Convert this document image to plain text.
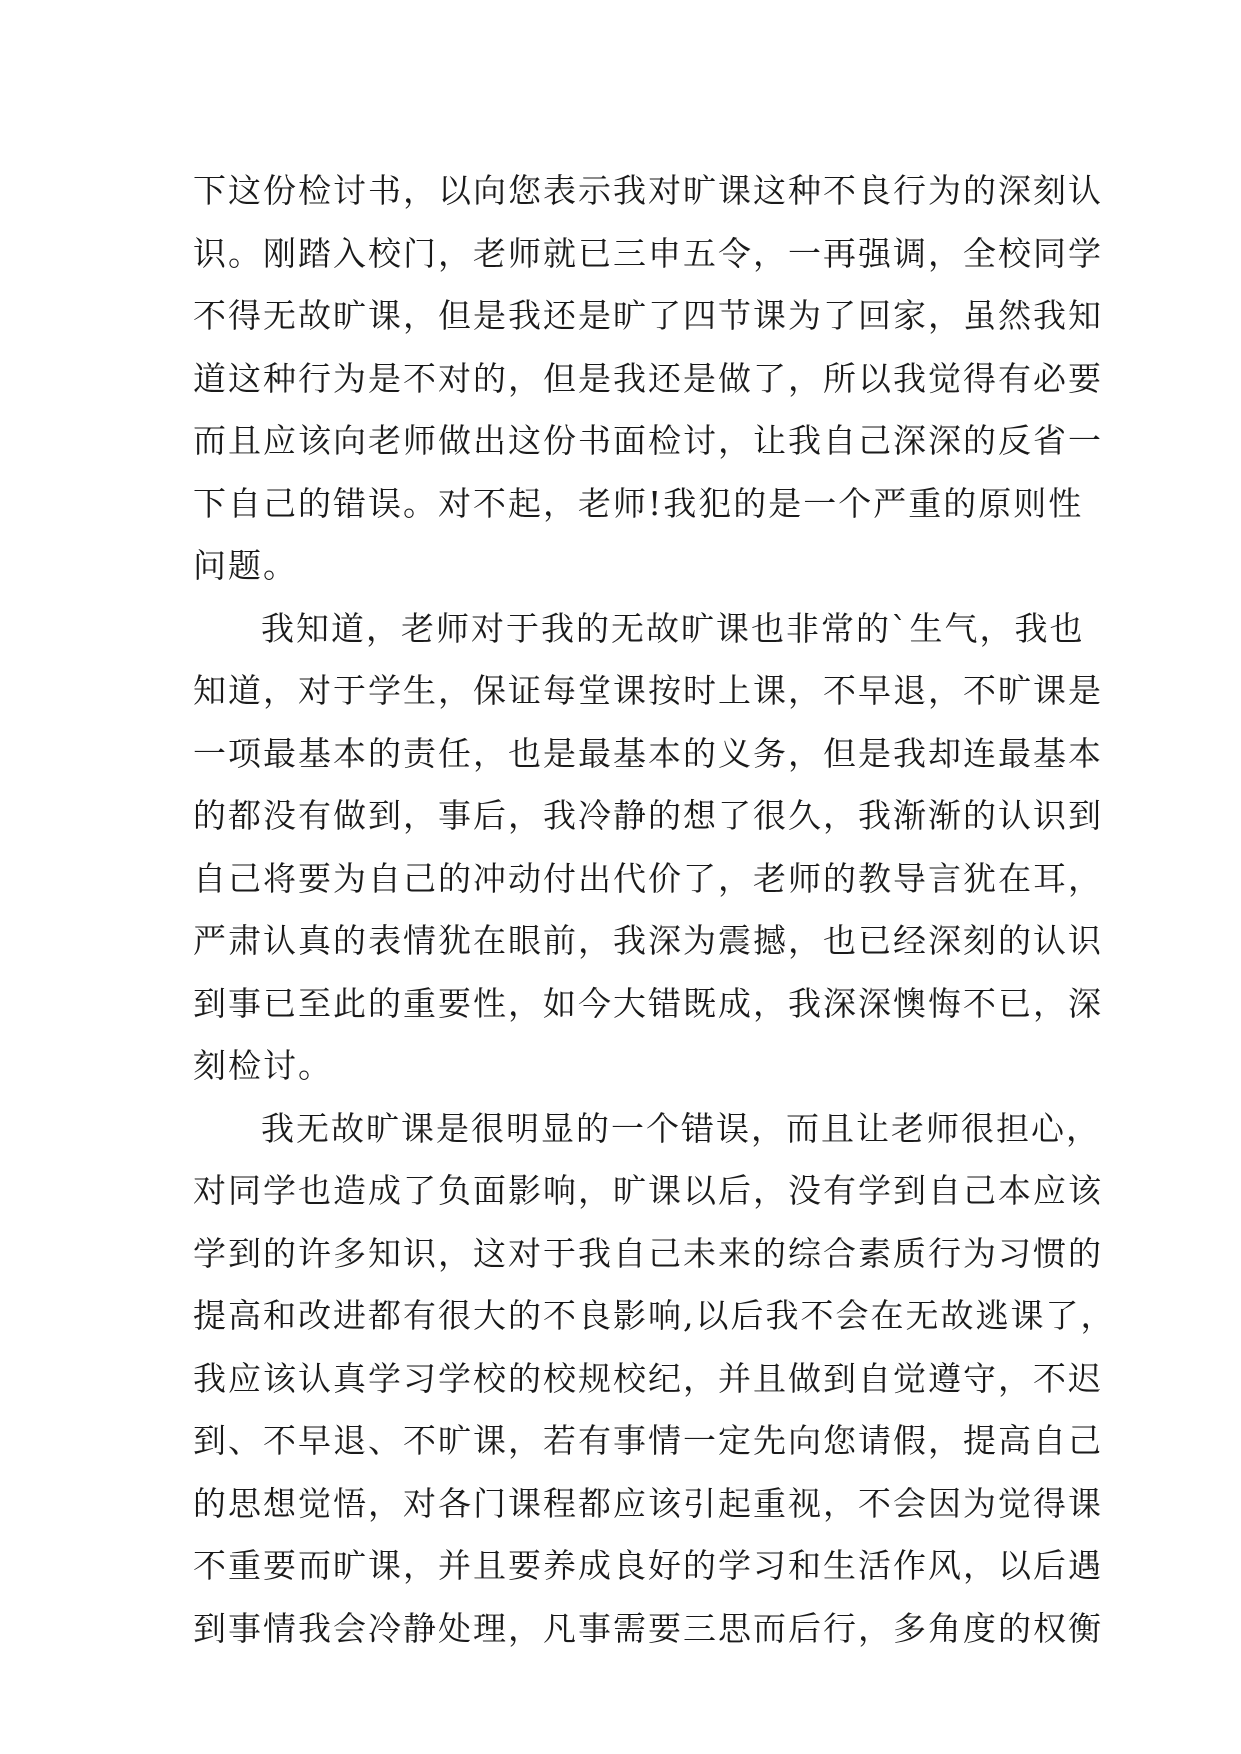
下这份检讨书，以向您表示我对旷课这种不良行为的深刻认
识。刚踏入校门，老师就已三申五令，一再强调，全校同学
不得无故旷课，但是我还是旷了四节课为了回家，虽然我知
道这种行为是不对的，但是我还是做了，所以我觉得有必要
而且应该向老师做出这份书面检讨，让我自己深深的反省一
下自己的错误。对不起，老师!我犯的是一个严重的原则性
问题。
我知道，老师对于我的无故旷课也非常的`生气，我也
知道，对于学生，保证每堂课按时上课，不早退，不旷课是
一项最基本的责任，也是最基本的义务，但是我却连最基本
的都没有做到，事后，我冷静的想了很久，我渐渐的认识到
自己将要为自己的冲动付出代价了，老师的教导言犹在耳，
严肃认真的表情犹在眼前，我深为震撼，也已经深刻的认识
到事已至此的重要性，如今大错既成，我深深懊悔不已，深
刻检讨。
我无故旷课是很明显的一个错误，而且让老师很担心，
对同学也造成了负面影响，旷课以后，没有学到自己本应该
学到的许多知识，这对于我自己未来的综合素质行为习惯的
提高和改进都有很大的不良影响,以后我不会在无故逃课了，
我应该认真学习学校的校规校纪，并且做到自觉遵守，不迟
到、不早退、不旷课，若有事情一定先向您请假，提高自己
的思想觉悟，对各门课程都应该引起重视，不会因为觉得课
不重要而旷课，并且要养成良好的学习和生活作风，以后遇
到事情我会冷静处理，凡事需要三思而后行，多角度的权衡
